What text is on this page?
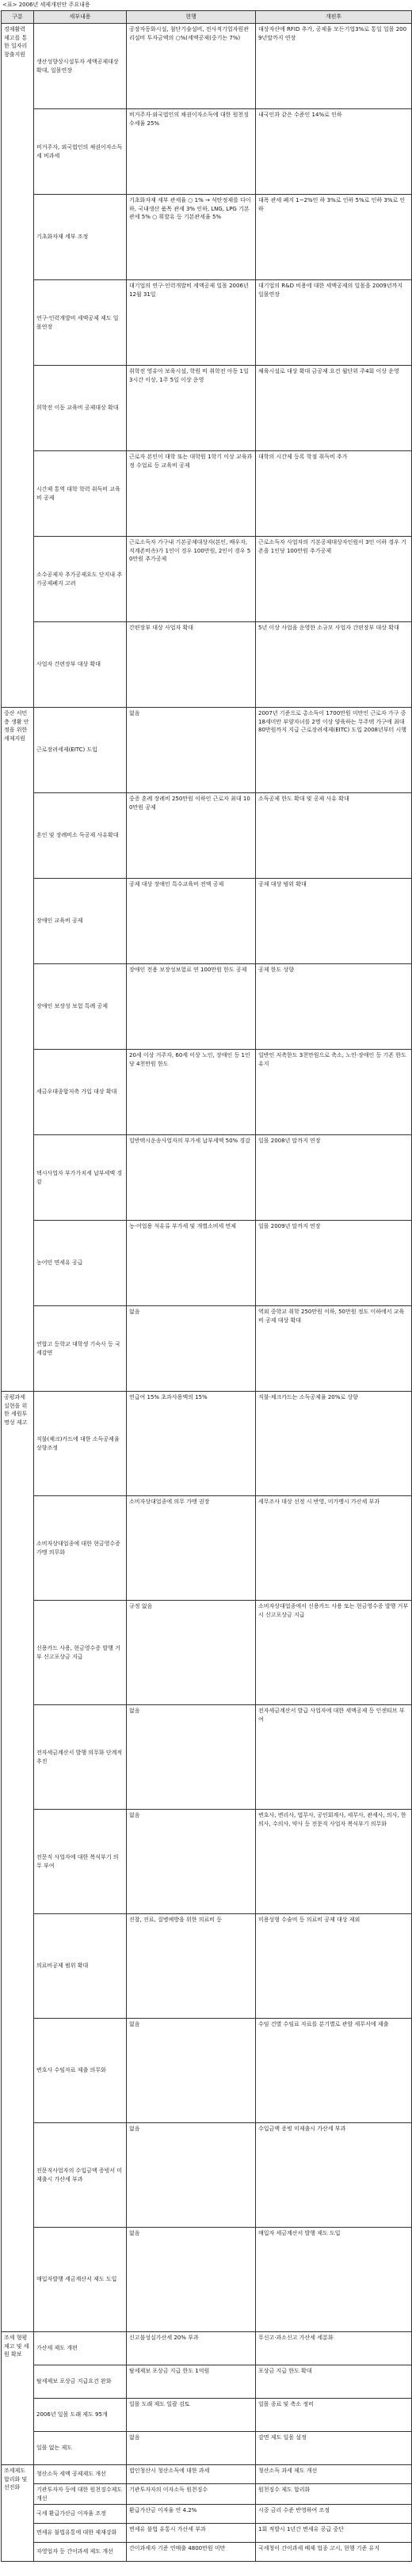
<표> 2006년 세제개편안 주요내용
구분	세부내용	현행	개편후
경제활력 제고를 통한 일자리 창출지원	생산성향상시설투자 세액공제대상 확대, 일몰연장	공장자동화시설, 첨단기술설비, 전사적기업자원관리설비 투자금액의 ○%(세액공제(중기는 7%)	대상자산에 RFID 추가, 공제율 모든기업3%로 통일 일몰 2009년말까지 연장
	비거주자, 외국법인의 채권이자소득 세 비과세	비거주자·외국법인의 채권이자소득에 대한 원천징수세율 25%	내국인과 같은 수준인 14%로 인하
	기초화자재 세부 조정	기초화자재 세부 관세율 ○ 1% → 석탄정제를 다이하, 국내생산 품목 관세 3% 인하, LNG, LPG 기본관세 5% ○ 휘발유 등 기본관세율 5%	대폭 관세 폐지 1~2%인 하 3%로 인하 5%로 인하 3%로 인하
	연구·인력개발비 세액공제 제도 일몰연장	대기업의 연구·인력개발비 세액공제 일몰 2006년 12월 31일	대기업의 R&D 비용에 대한 세액공제의 일몰을 2009년까지 일몰연장
	희학전 이동 교육비 공제대상 확대	취학전 영유아 보육시설, 학원 비 취학전 아동 1일 3시간 이상, 1주 5일 이상 운영	체육시설로 대상 확대 금공제 요건 월단위 주4회 이상 운영
	시간제 통역 대학 학력 취득비 교육비 공제	근로자 본인이 대학 또는 대학원 1학기 이상 교육과정 수업료 등 교육비 공제	대학의 시간제 등록 학점 취득비 추가
	소수공제자 추가공제요도 단지내 추가공제폐지 고려	근로소득자 가구내 기본공제대상자(본인, 배우자, 직계존비속)가 1인이 경우 100만원, 2인이 경우 50만원 추가공제	근로소득자 사업자의 기본공제대상자인원이 3인 이하 경우 기존을 1인당 100만원 추가공제
	사업자 간편장부 대상 확대	간편장부 대상 사업자 확대	5년 이상 사업을 운영한 소규모 사업자 간편장부 대상 확대
중산 서민층 생활 안정을 위한 세제지원	근로장려세제(EITC) 도입	없음	2007년 기준으로 총소득이 1700만원 미만인 근로자 가구 중 18세미만 부양자녀를 2명 이상 양육하는 무주택 가구에 최대 80만원까지 지급 근로장려세제(EITC) 도입 2008년부터 시행
	혼인 및 장례비소 득공제 사유확대	중증 혼례 장례비 250만원 이하인 근로자 최대 100만원 공제	소득공제 한도 확대 및 공제 사유 확대
	장애인 교육비 공제	공제 대상 장애인 특수교육비 전액 공제	공제 대상 범위 확대
	장애인 보장성 보험 특례 공제	장애인 전용 보장성보험료 연 100만원 한도 공제	공제 한도 상향
	세금우대종합저축 가입 대상 확대	20세 이상 거주자, 60세 이상 노인, 장애인 등 1인당 4천만원 한도	일반인 저축한도 3천만원으로 축소, 노인·장애인 등 기존 한도 유지
	택시사업자 부가가치세 납부세액 경감	일반택시운송사업자의 부가세 납부세액 50% 경감	일몰 2008년 말까지 연장
	농어민 면세유 공급	농·어업용 석유류 부가세 및 개별소비세 면제	일몰 2009년 말까지 연장
	연합고 등학교 대학생 기숙사 등 국세감면	없음	역외 중학교 취학 250만원 이하, 50만원 정도 이하에서 교육비 공제 대상 확대
공평과세 실현을 위한 세원투명성 제고	직불(체크)카드에 대한 소득공제율 상향조정	연급여 15% 초과사용액의 15%	직불·체크카드는 소득공제율 20%로 상향
	소비자상대업종에 대한 현금영수증 가맹 의무화	소비자상대업종에 의무 가맹 권장	세무조사 대상 선정 시 반영, 미가맹시 가산세 부과
	신용카드 사용, 현금영수증 발행 거부 신고포상금 지급	규정 없음	소비자상대업종에서 신용카드 사용 또는 현금영수증 발행 거부시 신고포상금 지급
	전자세금계산서 발행 의무화 단계적 추진	없음	전자세금계산서 발급 사업자에 대한 세액공제 등 인센티브 부여
	전문직 사업자에 대한 복식부기 의무 부여	없음	변호사, 변리사, 법무사, 공인회계사, 세무사, 관세사, 의사, 한의사, 수의사, 약사 등 전문직 사업자 복식부기 의무화
	의료비공제 범위 확대	진찰, 진료, 질병예방을 위한 의료비 등	미용성형 수술비 등 의료비 공제 대상 제외
	변호사 수임자료 제출 의무화	없음	수임 건별 수임료 자료를 분기별로 관할 세무서에 제출
	전문직사업자의 수입금액 증빙서 미제출시 가산세 부과	없음	수입금액 증빙 미제출시 가산세 부과
	매입자발행 세금계산서 제도 도입	없음	매입자 세금계산서 발행 제도 도입
조세 형평 제고 및 세원 확보	가산세 제도 개편	신고불성실가산세 20% 부과	무신고·과소신고 가산세 세분화
	탈세제보 포상금 지급요건 완화	탈세제보 포상금 지급 한도 1억원	포상금 지급 한도 확대
	2006년 일몰 도래 제도 95개	일몰 도래 제도 일괄 검토	일몰 종료 및 축소 정비
	일몰 없는 제도	없음	감면 제도 일몰 설정
조세제도 합리화 및 선진화	청산소득 세액 공제제도 개선	법인청산시 청산소득에 대한 과세	청산소득 과세 제도 개선
	기관투자자 등에 대한 원천징수제도 개선	기관투자자의 이자소득 원천징수	원천징수 제도 합리화
	국세 환급가산금 이자율 조정	환급가산금 이자율 연 4.2%	시중 금리 수준 반영하여 조정
	면세유 불법유통에 대한 제재강화	면세유 불법 유통시 가산세 부과	1회 적발시 1년간 면세유 공급 중단
	자영업자 등 간이과세 제도 개선	간이과세자 기준 연매출 4800만원 미만	국세청이 간이과세 배제 업종 고시, 현행 기준 유지
